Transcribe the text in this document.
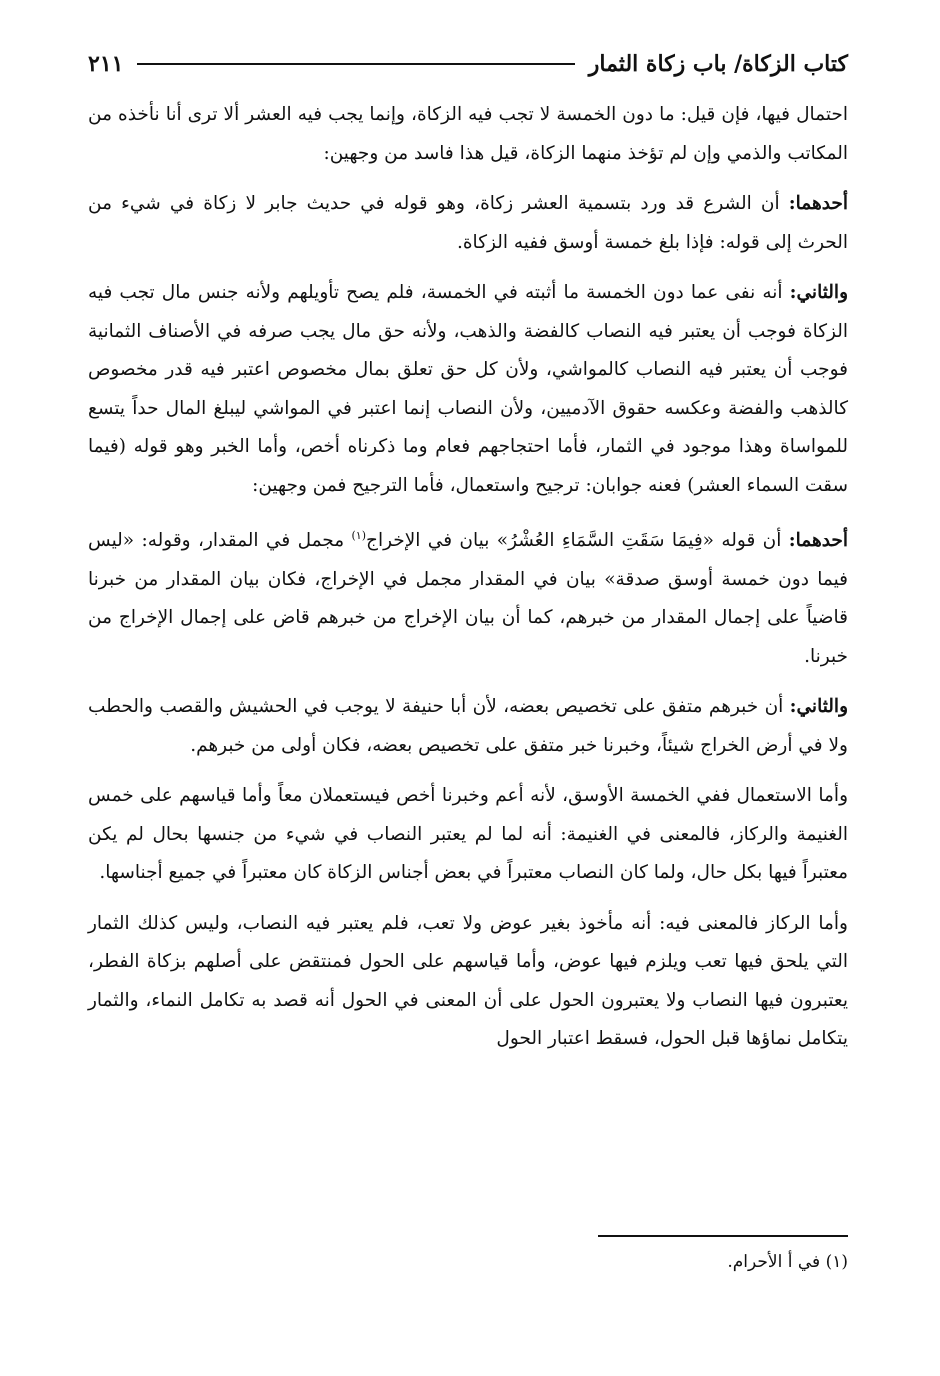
كتاب الزكاة/ باب زكاة الثمار
٢١١

احتمال فيها، فإن قيل: ما دون الخمسة لا تجب فيه الزكاة، وإنما يجب فيه العشر ألا ترى أنا نأخذه من المكاتب والذمي وإن لم تؤخذ منهما الزكاة، قيل هذا فاسد من وجهين:

أحدهما: أن الشرع قد ورد بتسمية العشر زكاة، وهو قوله في حديث جابر لا زكاة في شيء من الحرث إلى قوله: فإذا بلغ خمسة أوسق ففيه الزكاة.

والثاني: أنه نفى عما دون الخمسة ما أثبته في الخمسة، فلم يصح تأويلهم ولأنه جنس مال تجب فيه الزكاة فوجب أن يعتبر فيه النصاب كالفضة والذهب، ولأنه حق مال يجب صرفه في الأصناف الثمانية فوجب أن يعتبر فيه النصاب كالمواشي، ولأن كل حق تعلق بمال مخصوص اعتبر فيه قدر مخصوص كالذهب والفضة وعكسه حقوق الآدميين، ولأن النصاب إنما اعتبر في المواشي ليبلغ المال حداً يتسع للمواساة وهذا موجود في الثمار، فأما احتجاجهم فعام وما ذكرناه أخص، وأما الخبر وهو قوله (فيما سقت السماء العشر) فعنه جوابان: ترجيح واستعمال، فأما الترجيح فمن وجهين:

أحدهما: أن قوله «فِيمَا سَقَتِ السَّمَاءِ العُشْرُ» بيان في الإخراج$^{(١)}$ مجمل في المقدار، وقوله: «ليس فيما دون خمسة أوسق صدقة» بيان في المقدار مجمل في الإخراج، فكان بيان المقدار من خبرنا قاضياً على إجمال المقدار من خبرهم، كما أن بيان الإخراج من خبرهم قاض على إجمال الإخراج من خبرنا.

والثاني: أن خبرهم متفق على تخصيص بعضه، لأن أبا حنيفة لا يوجب في الحشيش والقصب والحطب ولا في أرض الخراج شيئاً، وخبرنا خبر متفق على تخصيص بعضه، فكان أولى من خبرهم.

وأما الاستعمال ففي الخمسة الأوسق، لأنه أعم وخبرنا أخص فيستعملان معاً وأما قياسهم على خمس الغنيمة والركاز، فالمعنى في الغنيمة: أنه لما لم يعتبر النصاب في شيء من جنسها بحال لم يكن معتبراً فيها بكل حال، ولما كان النصاب معتبراً في بعض أجناس الزكاة كان معتبراً في جميع أجناسها.

وأما الركاز فالمعنى فيه: أنه مأخوذ بغير عوض ولا تعب، فلم يعتبر فيه النصاب، وليس كذلك الثمار التي يلحق فيها تعب ويلزم فيها عوض، وأما قياسهم على الحول فمنتقض على أصلهم بزكاة الفطر، يعتبرون فيها النصاب ولا يعتبرون الحول على أن المعنى في الحول أنه قصد به تكامل النماء، والثمار يتكامل نماؤها قبل الحول، فسقط اعتبار الحول

(١) في أ الأحرام.
